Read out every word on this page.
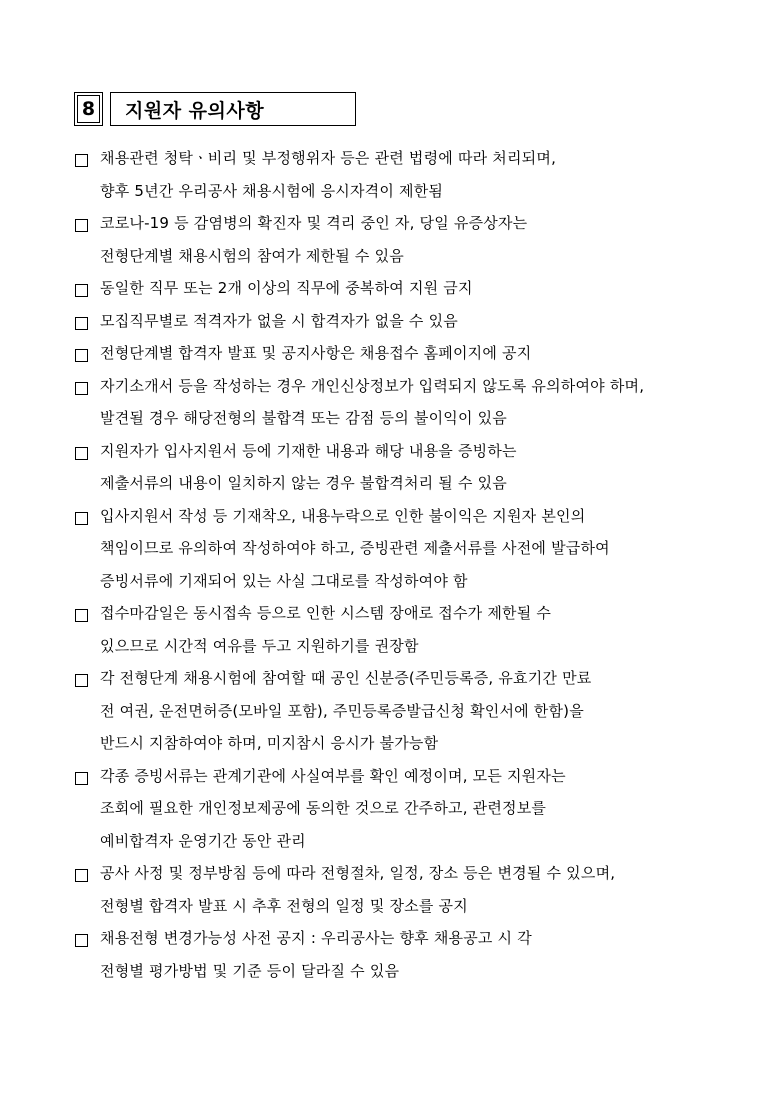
8	지원자 유의사항
채용관련 청탁ㆍ비리 및 부정행위자 등은 관련 법령에 따라 처리되며,
향후 5년간 우리공사 채용시험에 응시자격이 제한됨
코로나-19 등 감염병의 확진자 및 격리 중인 자, 당일 유증상자는
전형단계별 채용시험의 참여가 제한될 수 있음
동일한 직무 또는 2개 이상의 직무에 중복하여 지원 금지
모집직무별로 적격자가 없을 시 합격자가 없을 수 있음
전형단계별 합격자 발표 및 공지사항은 채용접수 홈페이지에 공지
자기소개서 등을 작성하는 경우 개인신상정보가 입력되지 않도록 유의하여야 하며,
발견될 경우 해당전형의 불합격 또는 감점 등의 불이익이 있음
지원자가 입사지원서 등에 기재한 내용과 해당 내용을 증빙하는
제출서류의 내용이 일치하지 않는 경우 불합격처리 될 수 있음
입사지원서 작성 등 기재착오, 내용누락으로 인한 불이익은 지원자 본인의
책임이므로 유의하여 작성하여야 하고, 증빙관련 제출서류를 사전에 발급하여
증빙서류에 기재되어 있는 사실 그대로를 작성하여야 함
접수마감일은 동시접속 등으로 인한 시스템 장애로 접수가 제한될 수
있으므로 시간적 여유를 두고 지원하기를 권장함
각 전형단계 채용시험에 참여할 때 공인 신분증(주민등록증, 유효기간 만료
전 여권, 운전면허증(모바일 포함), 주민등록증발급신청 확인서에 한함)을
반드시 지참하여야 하며, 미지참시 응시가 불가능함
각종 증빙서류는 관계기관에 사실여부를 확인 예정이며, 모든 지원자는
조회에 필요한 개인정보제공에 동의한 것으로 간주하고, 관련정보를
예비합격자 운영기간 동안 관리
공사 사정 및 정부방침 등에 따라 전형절차, 일정, 장소 등은 변경될 수 있으며,
전형별 합격자 발표 시 추후 전형의 일정 및 장소를 공지
채용전형 변경가능성 사전 공지 : 우리공사는 향후 채용공고 시 각
전형별 평가방법 및 기준 등이 달라질 수 있음
